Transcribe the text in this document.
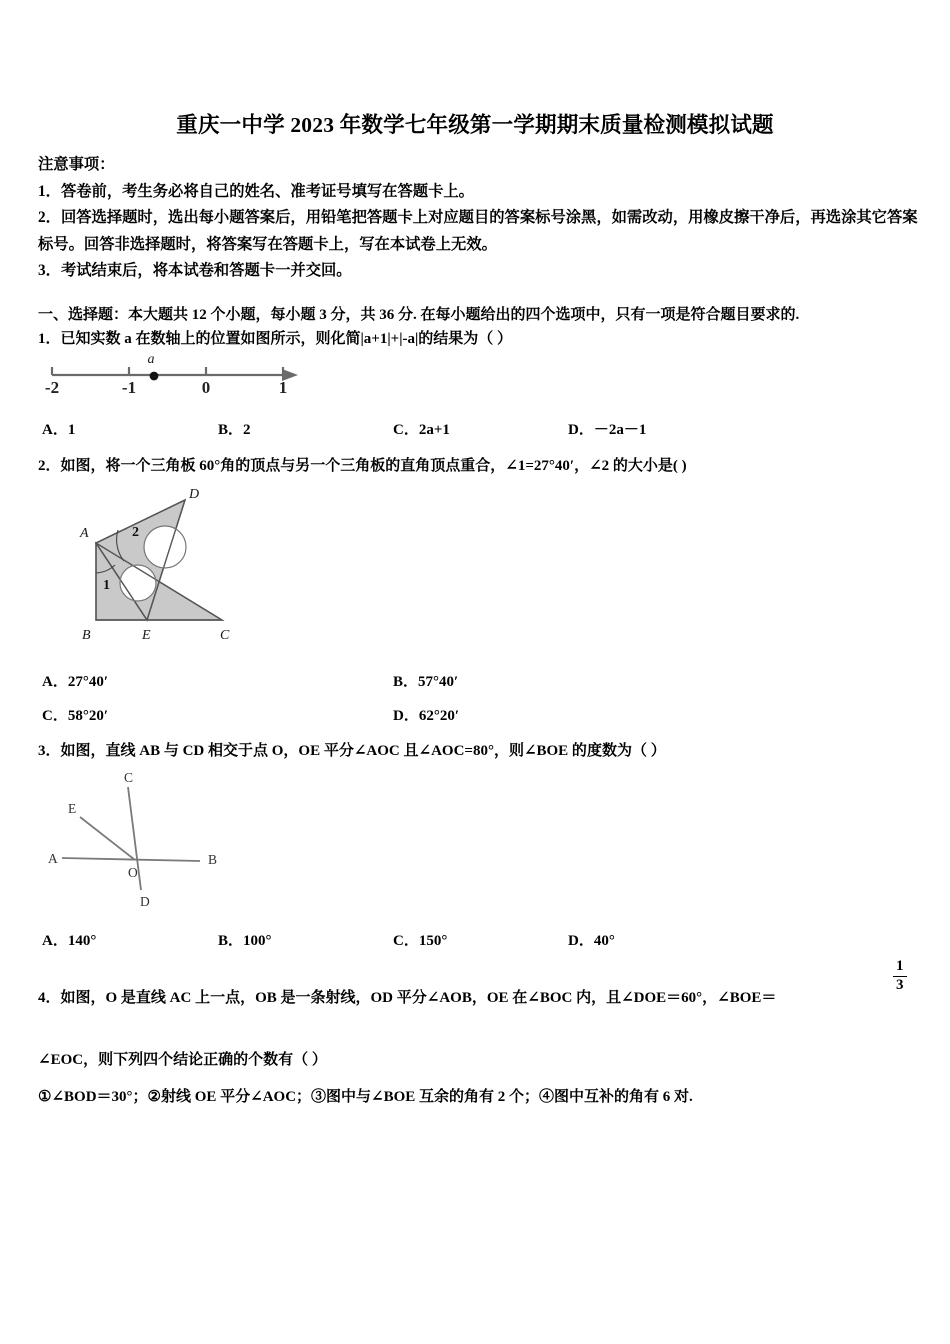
重庆一中学 2023 年数学七年级第一学期期末质量检测模拟试题
注意事项：
1．答卷前，考生务必将自己的姓名、准考证号填写在答题卡上。
2．回答选择题时，选出每小题答案后，用铅笔把答题卡上对应题目的答案标号涂黑，如需改动，用橡皮擦干净后，再选涂其它答案标号。回答非选择题时，将答案写在答题卡上，写在本试卷上无效。
3．考试结束后，将本试卷和答题卡一并交回。
一、选择题：本大题共 12 个小题，每小题 3 分，共 36 分. 在每小题给出的四个选项中，只有一项是符合题目要求的.
1．已知实数 a 在数轴上的位置如图所示，则化简|a+1|+|-a|的结果为（ ）
-2	-1	0	1
a
A．1	B．2	C．2a+1	D．－2a－1
2．如图，将一个三角板 60°角的顶点与另一个三角板的直角顶点重合，∠1=27°40′，∠2 的大小是( )
1
2
A
B	C
D
E
A．27°40′	B．57°40′
C．58°20′	D．62°20′
3．如图，直线 AB 与 CD 相交于点 O，OE 平分∠AOC 且∠AOC=80°，则∠BOE 的度数为（ ）
A	B
C
D
E
O
A．140°	B．100°	C．150°	D．40°
4．如图，O 是直线 AC 上一点，OB 是一条射线，OD 平分∠AOB，OE 在∠BOC 内，且∠DOE＝60°，∠BOE＝
1
3
∠EOC，则下列四个结论正确的个数有（ ）
①∠BOD＝30°；②射线 OE 平分∠AOC；③图中与∠BOE 互余的角有 2 个；④图中互补的角有 6 对.
